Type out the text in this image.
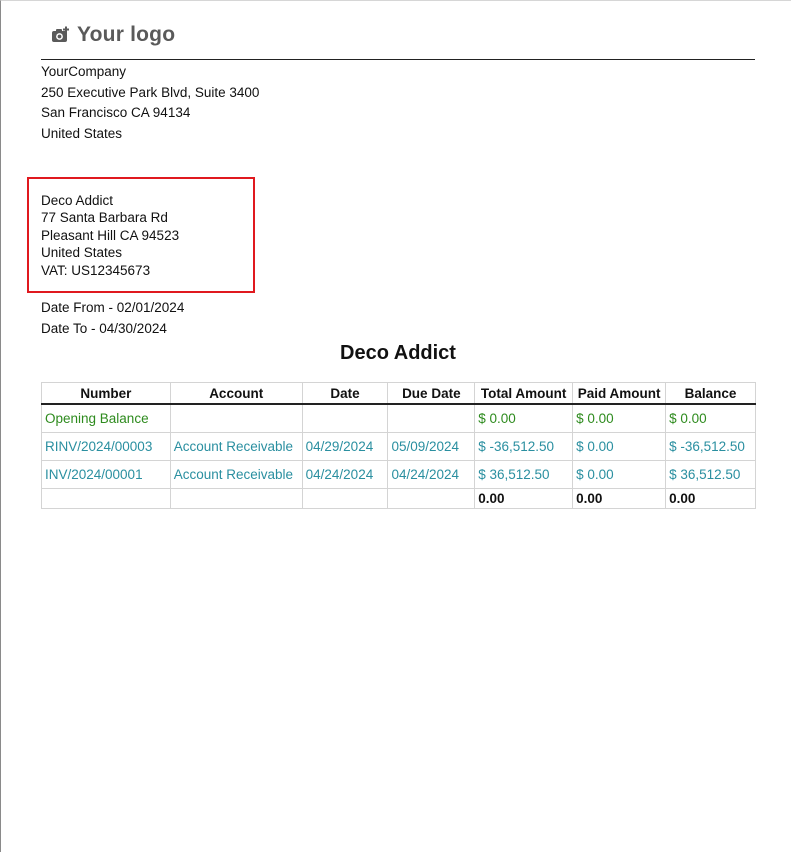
Your logo
YourCompany
250 Executive Park Blvd, Suite 3400
San Francisco CA 94134
United States
Deco Addict
77 Santa Barbara Rd
Pleasant Hill CA 94523
United States
VAT: US12345673
Date From - 02/01/2024
Date To - 04/30/2024
Deco Addict
Number	Account	Date	Due Date	Total Amount	Paid Amount	Balance
Opening Balance				$ 0.00	$ 0.00	$ 0.00
RINV/2024/00003	Account Receivable	04/29/2024	05/09/2024	$ -36,512.50	$ 0.00	$ -36,512.50
INV/2024/00001	Account Receivable	04/24/2024	04/24/2024	$ 36,512.50	$ 0.00	$ 36,512.50
				0.00	0.00	0.00
